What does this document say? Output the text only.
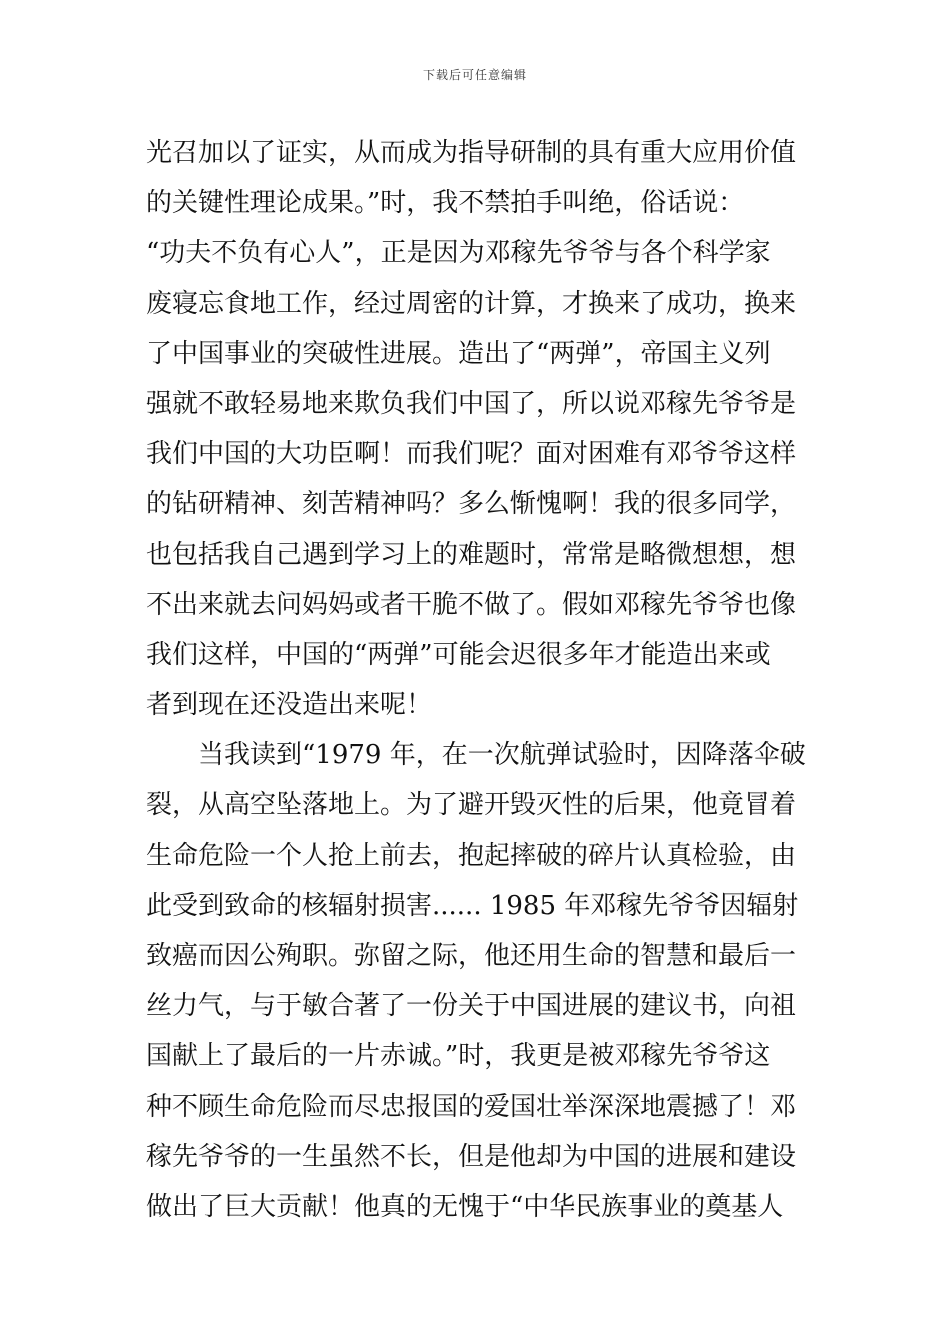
下载后可任意编辑
光召加以了证实，从而成为指导研制的具有重大应用价值
的关键性理论成果。”时，我不禁拍手叫绝，俗话说：
“功夫不负有心人”，正是因为邓稼先爷爷与各个科学家
废寝忘食地工作，经过周密的计算，才换来了成功，换来
了中国事业的突破性进展。造出了“两弹”，帝国主义列
强就不敢轻易地来欺负我们中国了，所以说邓稼先爷爷是
我们中国的大功臣啊！而我们呢？面对困难有邓爷爷这样
的钻研精神、刻苦精神吗？多么惭愧啊！我的很多同学，
也包括我自己遇到学习上的难题时，常常是略微想想，想
不出来就去问妈妈或者干脆不做了。假如邓稼先爷爷也像
我们这样，中国的“两弹”可能会迟很多年才能造出来或
者到现在还没造出来呢！
　　当我读到“1979 年，在一次航弹试验时，因降落伞破
裂，从高空坠落地上。为了避开毁灭性的后果，他竟冒着
生命危险一个人抢上前去，抱起摔破的碎片认真检验，由
此受到致命的核辐射损害...... 1985 年邓稼先爷爷因辐射
致癌而因公殉职。弥留之际，他还用生命的智慧和最后一
丝力气，与于敏合著了一份关于中国进展的建议书，向祖
国献上了最后的一片赤诚。”时，我更是被邓稼先爷爷这
种不顾生命危险而尽忠报国的爱国壮举深深地震撼了！邓
稼先爷爷的一生虽然不长，但是他却为中国的进展和建设
做出了巨大贡献！他真的无愧于“中华民族事业的奠基人
